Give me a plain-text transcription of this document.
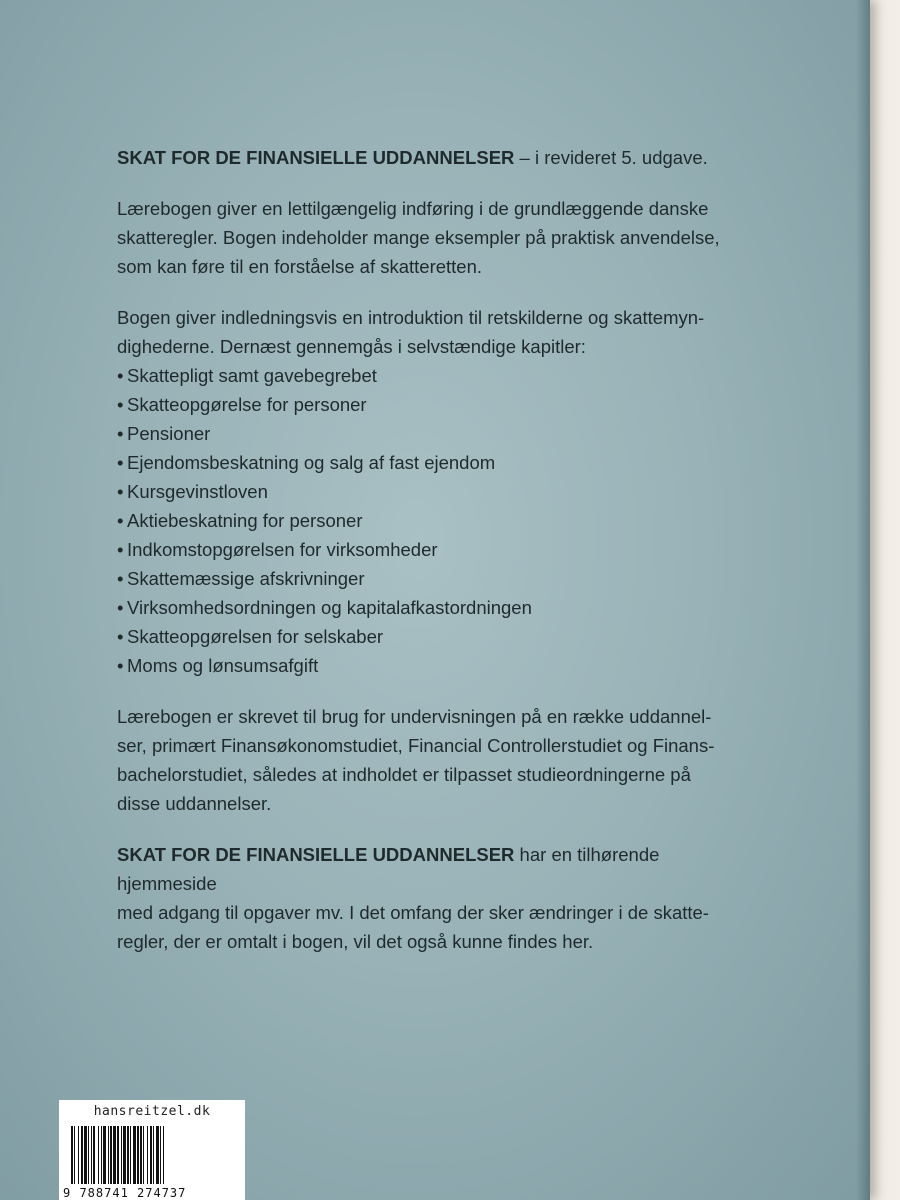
SKAT FOR DE FINANSIELLE UDDANNELSER – i revideret 5. udgave.

Lærebogen giver en lettilgængelig indføring i de grundlæggende danske
skatteregler. Bogen indeholder mange eksempler på praktisk anvendelse,
som kan føre til en forståelse af skatteretten.

Bogen giver indledningsvis en introduktion til retskilderne og skattemyn-
dighederne. Dernæst gennemgås i selvstændige kapitler:

• Skattepligt samt gavebegrebet
• Skatteopgørelse for personer
• Pensioner
• Ejendomsbeskatning og salg af fast ejendom
• Kursgevinstloven
• Aktiebeskatning for personer
• Indkomstopgørelsen for virksomheder
• Skattemæssige afskrivninger
• Virksomhedsordningen og kapitalafkastordningen
• Skatteopgørelsen for selskaber
• Moms og lønsumsafgift

Lærebogen er skrevet til brug for undervisningen på en række uddannel-
ser, primært Finansøkonomstudiet, Financial Controllerstudiet og Finans-
bachelorstudiet, således at indholdet er tilpasset studieordningerne på
disse uddannelser.

SKAT FOR DE FINANSIELLE UDDANNELSER har en tilhørende hjemmeside
med adgang til opgaver mv. I det omfang der sker ændringer i de skatte-
regler, der er omtalt i bogen, vil det også kunne findes her.

hansreitzel.dk
9 788741 274737
